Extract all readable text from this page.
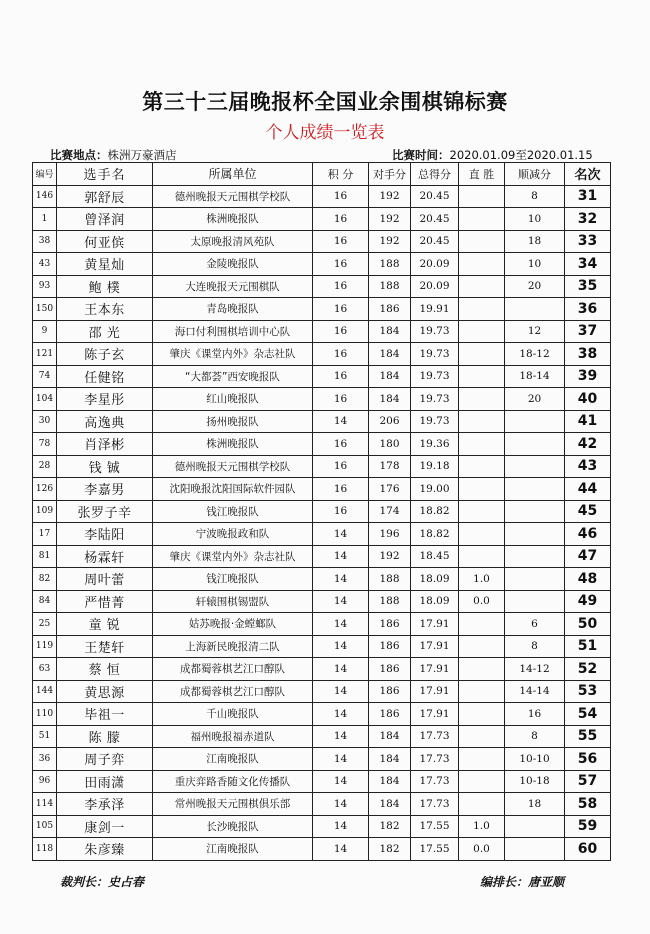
第三十三届晚报杯全国业余围棋锦标赛
个人成绩一览表
比赛地点：株洲万豪酒店	比赛时间：2020.01.09至2020.01.15
编号	选手名	所属单位	积 分	对手分	总得分	直 胜	顺减分	名次
146	郭舒辰	德州晚报天元围棋学校队	16	192	20.45		8	31
1	曾泽润	株洲晚报队	16	192	20.45		10	32
38	何亚傧	太原晚报清风苑队	16	192	20.45		18	33
43	黄星灿	金陵晚报队	16	188	20.09		10	34
93	鲍 樸	大连晚报天元围棋队	16	188	20.09		20	35
150	王本东	青岛晚报队	16	186	19.91			36
9	邵 光	海口付利围棋培训中心队	16	184	19.73		12	37
121	陈子玄	肇庆《课堂内外》杂志社队	16	184	19.73		18-12	38
74	任健铭	“大都荟”西安晚报队	16	184	19.73		18-14	39
104	李星彤	红山晚报队	16	184	19.73		20	40
30	高逸典	扬州晚报队	14	206	19.73			41
78	肖泽彬	株洲晚报队	16	180	19.36			42
28	钱 铖	德州晚报天元围棋学校队	16	178	19.18			43
126	李嘉男	沈阳晚报沈阳国际软件园队	16	176	19.00			44
109	张罗子辛	钱江晚报队	16	174	18.82			45
17	李陆阳	宁波晚报政和队	14	196	18.82			46
81	杨霖轩	肇庆《课堂内外》杂志社队	14	192	18.45			47
82	周叶蕾	钱江晚报队	14	188	18.09	1.0		48
84	严惜菁	轩辕围棋锡盟队	14	188	18.09	0.0		49
25	童 锐	姑苏晚报·金螳螂队	14	186	17.91		6	50
119	王楚轩	上海新民晚报清二队	14	186	17.91		8	51
63	蔡 恒	成都蜀蓉棋艺江口醇队	14	186	17.91		14-12	52
144	黄思源	成都蜀蓉棋艺江口醇队	14	186	17.91		14-14	53
110	毕祖一	千山晚报队	14	186	17.91		16	54
51	陈 朦	福州晚报福赤道队	14	184	17.73		8	55
36	周子弈	江南晚报队	14	184	17.73		10-10	56
96	田雨潇	重庆弈路香随文化传播队	14	184	17.73		10-18	57
114	李承泽	常州晚报天元围棋俱乐部	14	184	17.73		18	58
105	康剑一	长沙晚报队	14	182	17.55	1.0		59
118	朱彦臻	江南晚报队	14	182	17.55	0.0		60
裁判长：史占春	编排长：唐亚顺
